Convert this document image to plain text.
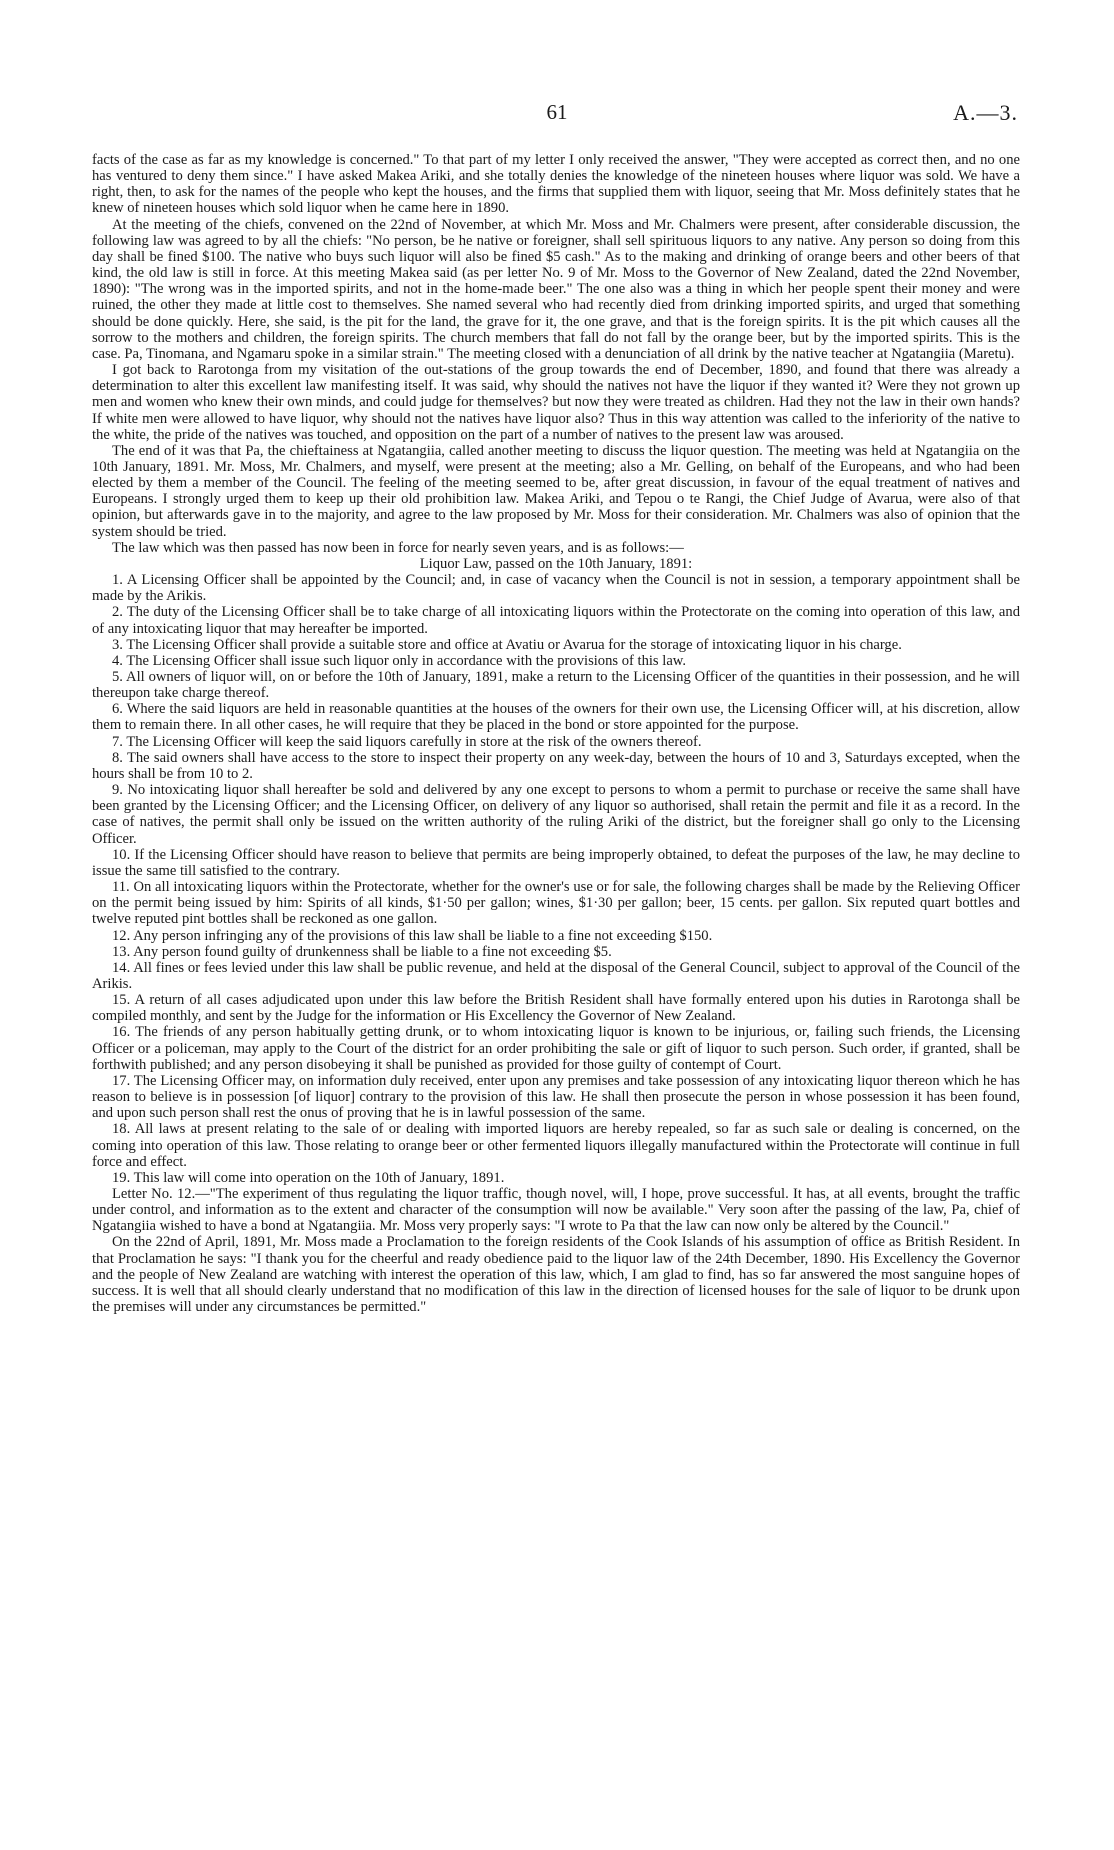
61	A.—3.

facts of the case as far as my knowledge is concerned." To that part of my letter I only received the answer, "They were accepted as correct then, and no one has ventured to deny them since." I have asked Makea Ariki, and she totally denies the knowledge of the nineteen houses where liquor was sold. We have a right, then, to ask for the names of the people who kept the houses, and the firms that supplied them with liquor, seeing that Mr. Moss definitely states that he knew of nineteen houses which sold liquor when he came here in 1890.

At the meeting of the chiefs, convened on the 22nd of November, at which Mr. Moss and Mr. Chalmers were present, after considerable discussion, the following law was agreed to by all the chiefs: "No person, be he native or foreigner, shall sell spirituous liquors to any native. Any person so doing from this day shall be fined $100. The native who buys such liquor will also be fined $5 cash." As to the making and drinking of orange beers and other beers of that kind, the old law is still in force. At this meeting Makea said (as per letter No. 9 of Mr. Moss to the Governor of New Zealand, dated the 22nd November, 1890): "The wrong was in the imported spirits, and not in the home-made beer." The one also was a thing in which her people spent their money and were ruined, the other they made at little cost to themselves. She named several who had recently died from drinking imported spirits, and urged that something should be done quickly. Here, she said, is the pit for the land, the grave for it, the one grave, and that is the foreign spirits. It is the pit which causes all the sorrow to the mothers and children, the foreign spirits. The church members that fall do not fall by the orange beer, but by the imported spirits. This is the case. Pa, Tinomana, and Ngamaru spoke in a similar strain." The meeting closed with a denunciation of all drink by the native teacher at Ngatangiia (Maretu).

I got back to Rarotonga from my visitation of the out-stations of the group towards the end of December, 1890, and found that there was already a determination to alter this excellent law manifesting itself. It was said, why should the natives not have the liquor if they wanted it? Were they not grown up men and women who knew their own minds, and could judge for themselves? but now they were treated as children. Had they not the law in their own hands? If white men were allowed to have liquor, why should not the natives have liquor also? Thus in this way attention was called to the inferiority of the native to the white, the pride of the natives was touched, and opposition on the part of a number of natives to the present law was aroused.

The end of it was that Pa, the chieftainess at Ngatangiia, called another meeting to discuss the liquor question. The meeting was held at Ngatangiia on the 10th January, 1891. Mr. Moss, Mr. Chalmers, and myself, were present at the meeting; also a Mr. Gelling, on behalf of the Europeans, and who had been elected by them a member of the Council. The feeling of the meeting seemed to be, after great discussion, in favour of the equal treatment of natives and Europeans. I strongly urged them to keep up their old prohibition law. Makea Ariki, and Tepou o te Rangi, the Chief Judge of Avarua, were also of that opinion, but afterwards gave in to the majority, and agree to the law proposed by Mr. Moss for their consideration. Mr. Chalmers was also of opinion that the system should be tried.

The law which was then passed has now been in force for nearly seven years, and is as follows:—

Liquor Law, passed on the 10th January, 1891:

1. A Licensing Officer shall be appointed by the Council; and, in case of vacancy when the Council is not in session, a temporary appointment shall be made by the Arikis.

2. The duty of the Licensing Officer shall be to take charge of all intoxicating liquors within the Protectorate on the coming into operation of this law, and of any intoxicating liquor that may hereafter be imported.

3. The Licensing Officer shall provide a suitable store and office at Avatiu or Avarua for the storage of intoxicating liquor in his charge.

4. The Licensing Officer shall issue such liquor only in accordance with the provisions of this law.

5. All owners of liquor will, on or before the 10th of January, 1891, make a return to the Licensing Officer of the quantities in their possession, and he will thereupon take charge thereof.

6. Where the said liquors are held in reasonable quantities at the houses of the owners for their own use, the Licensing Officer will, at his discretion, allow them to remain there. In all other cases, he will require that they be placed in the bond or store appointed for the purpose.

7. The Licensing Officer will keep the said liquors carefully in store at the risk of the owners thereof.

8. The said owners shall have access to the store to inspect their property on any week-day, between the hours of 10 and 3, Saturdays excepted, when the hours shall be from 10 to 2.

9. No intoxicating liquor shall hereafter be sold and delivered by any one except to persons to whom a permit to purchase or receive the same shall have been granted by the Licensing Officer; and the Licensing Officer, on delivery of any liquor so authorised, shall retain the permit and file it as a record. In the case of natives, the permit shall only be issued on the written authority of the ruling Ariki of the district, but the foreigner shall go only to the Licensing Officer.

10. If the Licensing Officer should have reason to believe that permits are being improperly obtained, to defeat the purposes of the law, he may decline to issue the same till satisfied to the contrary.

11. On all intoxicating liquors within the Protectorate, whether for the owner's use or for sale, the following charges shall be made by the Relieving Officer on the permit being issued by him: Spirits of all kinds, $1·50 per gallon; wines, $1·30 per gallon; beer, 15 cents. per gallon. Six reputed quart bottles and twelve reputed pint bottles shall be reckoned as one gallon.

12. Any person infringing any of the provisions of this law shall be liable to a fine not exceeding $150.

13. Any person found guilty of drunkenness shall be liable to a fine not exceeding $5.

14. All fines or fees levied under this law shall be public revenue, and held at the disposal of the General Council, subject to approval of the Council of the Arikis.

15. A return of all cases adjudicated upon under this law before the British Resident shall have formally entered upon his duties in Rarotonga shall be compiled monthly, and sent by the Judge for the information or His Excellency the Governor of New Zealand.

16. The friends of any person habitually getting drunk, or to whom intoxicating liquor is known to be injurious, or, failing such friends, the Licensing Officer or a policeman, may apply to the Court of the district for an order prohibiting the sale or gift of liquor to such person. Such order, if granted, shall be forthwith published; and any person disobeying it shall be punished as provided for those guilty of contempt of Court.

17. The Licensing Officer may, on information duly received, enter upon any premises and take possession of any intoxicating liquor thereon which he has reason to believe is in possession [of liquor] contrary to the provision of this law. He shall then prosecute the person in whose possession it has been found, and upon such person shall rest the onus of proving that he is in lawful possession of the same.

18. All laws at present relating to the sale of or dealing with imported liquors are hereby repealed, so far as such sale or dealing is concerned, on the coming into operation of this law. Those relating to orange beer or other fermented liquors illegally manufactured within the Protectorate will continue in full force and effect.

19. This law will come into operation on the 10th of January, 1891.

Letter No. 12.—"The experiment of thus regulating the liquor traffic, though novel, will, I hope, prove successful. It has, at all events, brought the traffic under control, and information as to the extent and character of the consumption will now be available." Very soon after the passing of the law, Pa, chief of Ngatangiia wished to have a bond at Ngatangiia. Mr. Moss very properly says: "I wrote to Pa that the law can now only be altered by the Council."

On the 22nd of April, 1891, Mr. Moss made a Proclamation to the foreign residents of the Cook Islands of his assumption of office as British Resident. In that Proclamation he says: "I thank you for the cheerful and ready obedience paid to the liquor law of the 24th December, 1890. His Excellency the Governor and the people of New Zealand are watching with interest the operation of this law, which, I am glad to find, has so far answered the most sanguine hopes of success. It is well that all should clearly understand that no modification of this law in the direction of licensed houses for the sale of liquor to be drunk upon the premises will under any circumstances be permitted."
